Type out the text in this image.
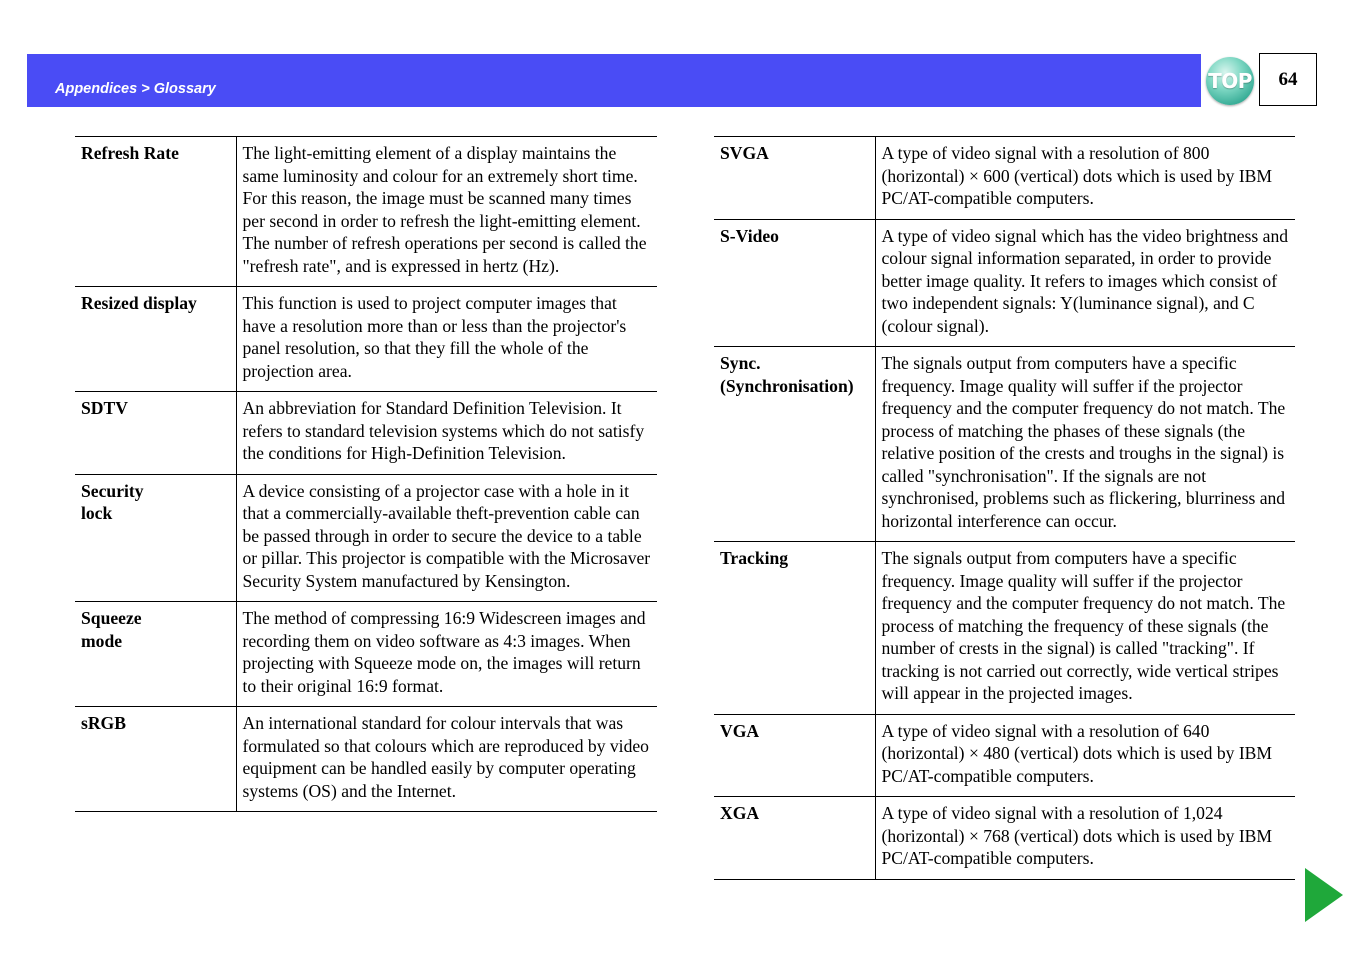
Appendices > Glossary	TOP	64
Refresh Rate	The light-emitting element of a display maintains the same luminosity and colour for an extremely short time. For this reason, the image must be scanned many times per second in order to refresh the light-emitting element. The number of refresh operations per second is called the "refresh rate", and is expressed in hertz (Hz).
Resized display	This function is used to project computer images that have a resolution more than or less than the projector's panel resolution, so that they fill the whole of the projection area.
SDTV	An abbreviation for Standard Definition Television. It refers to standard television systems which do not satisfy the conditions for High-Definition Television.
Security lock	A device consisting of a projector case with a hole in it that a commercially-available theft-prevention cable can be passed through in order to secure the device to a table or pillar. This projector is compatible with the Microsaver Security System manufactured by Kensington.
Squeeze mode	The method of compressing 16:9 Widescreen images and recording them on video software as 4:3 images. When projecting with Squeeze mode on, the images will return to their original 16:9 format.
sRGB	An international standard for colour intervals that was formulated so that colours which are reproduced by video equipment can be handled easily by computer operating systems (OS) and the Internet.
SVGA	A type of video signal with a resolution of 800 (horizontal) × 600 (vertical) dots which is used by IBM PC/AT-compatible computers.
S-Video	A type of video signal which has the video brightness and colour signal information separated, in order to provide better image quality. It refers to images which consist of two independent signals: Y(luminance signal), and C (colour signal).
Sync. (Synchronisation)	The signals output from computers have a specific frequency. Image quality will suffer if the projector frequency and the computer frequency do not match. The process of matching the phases of these signals (the relative position of the crests and troughs in the signal) is called "synchronisation". If the signals are not synchronised, problems such as flickering, blurriness and horizontal interference can occur.
Tracking	The signals output from computers have a specific frequency. Image quality will suffer if the projector frequency and the computer frequency do not match. The process of matching the frequency of these signals (the number of crests in the signal) is called "tracking". If tracking is not carried out correctly, wide vertical stripes will appear in the projected images.
VGA	A type of video signal with a resolution of 640 (horizontal) × 480 (vertical) dots which is used by IBM PC/AT-compatible computers.
XGA	A type of video signal with a resolution of 1,024 (horizontal) × 768 (vertical) dots which is used by IBM PC/AT-compatible computers.
